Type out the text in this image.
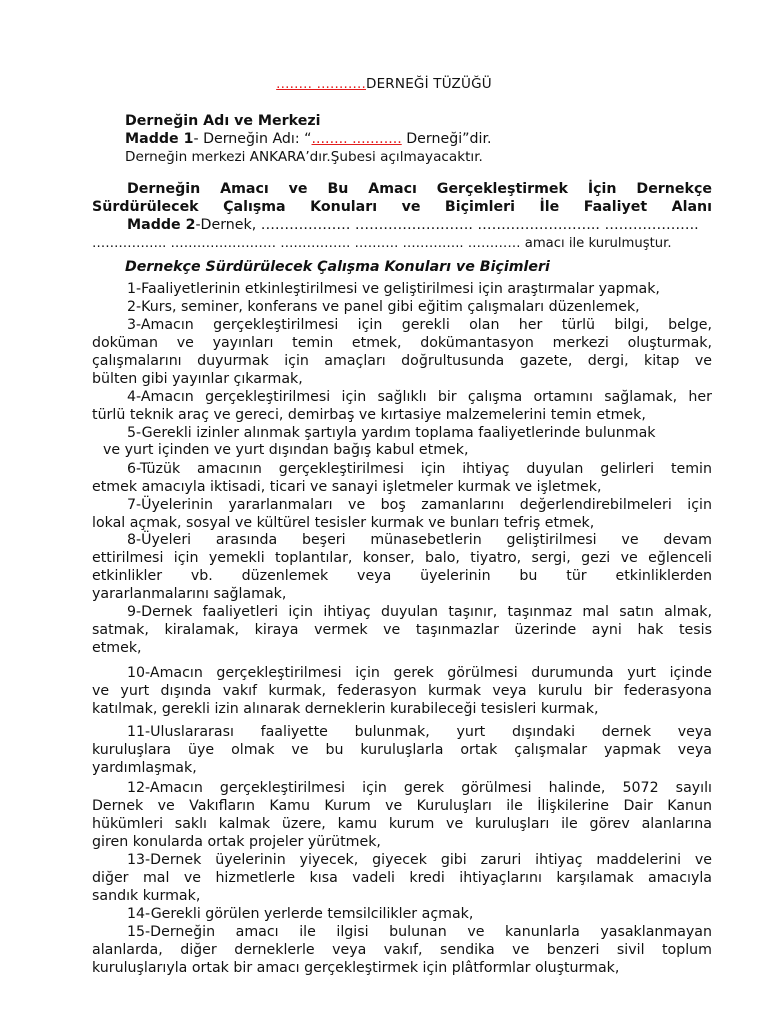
........ ...........DERNEĞİ TÜZÜĞÜ
Derneğin Adı ve Merkezi
Madde 1- Derneğin Adı: “........ ........... Derneği”dir.
Derneğin merkezi ANKARA’dır.Şubesi açılmayacaktır.
Derneğin Amacı ve Bu Amacı Gerçekleştirmek İçin Dernekçe
Sürdürülecek Çalışma Konuları ve Biçimleri İle Faaliyet Alanı
Madde 2-Dernek, ………………. ……………………. …………………….. ………………..
…………….. …………………… ……………. ………. ………….. ………… amacı ile kurulmuştur.
Dernekçe Sürdürülecek Çalışma Konuları ve Biçimleri
1-Faaliyetlerinin etkinleştirilmesi ve geliştirilmesi için araştırmalar yapmak,
2-Kurs, seminer, konferans ve panel gibi eğitim çalışmaları düzenlemek,
3-Amacın gerçekleştirilmesi için gerekli olan her türlü bilgi, belge,
doküman ve yayınları temin etmek, dokümantasyon merkezi oluşturmak,
çalışmalarını duyurmak için amaçları doğrultusunda gazete, dergi, kitap ve
bülten gibi yayınlar çıkarmak,
4-Amacın gerçekleştirilmesi için sağlıklı bir çalışma ortamını sağlamak, her
türlü teknik araç ve gereci, demirbaş ve kırtasiye malzemelerini temin etmek,
5-Gerekli izinler alınmak şartıyla yardım toplama faaliyetlerinde bulunmak
ve yurt içinden ve yurt dışından bağış kabul etmek,
6-Tüzük amacının gerçekleştirilmesi için ihtiyaç duyulan gelirleri temin
etmek amacıyla iktisadi, ticari ve sanayi işletmeler kurmak ve işletmek,
7-Üyelerinin yararlanmaları ve boş zamanlarını değerlendirebilmeleri için
lokal açmak, sosyal ve kültürel tesisler kurmak ve bunları tefriş etmek,
8-Üyeleri arasında beşeri münasebetlerin geliştirilmesi ve devam
ettirilmesi için yemekli toplantılar, konser, balo, tiyatro, sergi, gezi ve eğlenceli
etkinlikler vb. düzenlemek veya üyelerinin bu tür etkinliklerden
yararlanmalarını sağlamak,
9-Dernek faaliyetleri için ihtiyaç duyulan taşınır, taşınmaz mal satın almak,
satmak, kiralamak, kiraya vermek ve taşınmazlar üzerinde ayni hak tesis
etmek,
10-Amacın gerçekleştirilmesi için gerek görülmesi durumunda yurt içinde
ve yurt dışında vakıf kurmak, federasyon kurmak veya kurulu bir federasyona
katılmak, gerekli izin alınarak derneklerin kurabileceği tesisleri kurmak,
11-Uluslararası faaliyette bulunmak, yurt dışındaki dernek veya
kuruluşlara üye olmak ve bu kuruluşlarla ortak çalışmalar yapmak veya
yardımlaşmak,
12-Amacın gerçekleştirilmesi için gerek görülmesi halinde, 5072 sayılı
Dernek ve Vakıfların Kamu Kurum ve Kuruluşları ile İlişkilerine Dair Kanun
hükümleri saklı kalmak üzere, kamu kurum ve kuruluşları ile görev alanlarına
giren konularda ortak projeler yürütmek,
13-Dernek üyelerinin yiyecek, giyecek gibi zaruri ihtiyaç maddelerini ve
diğer mal ve hizmetlerle kısa vadeli kredi ihtiyaçlarını karşılamak amacıyla
sandık kurmak,
14-Gerekli görülen yerlerde temsilcilikler açmak,
15-Derneğin amacı ile ilgisi bulunan ve kanunlarla yasaklanmayan
alanlarda, diğer derneklerle veya vakıf, sendika ve benzeri sivil toplum
kuruluşlarıyla ortak bir amacı gerçekleştirmek için plâtformlar oluşturmak,
